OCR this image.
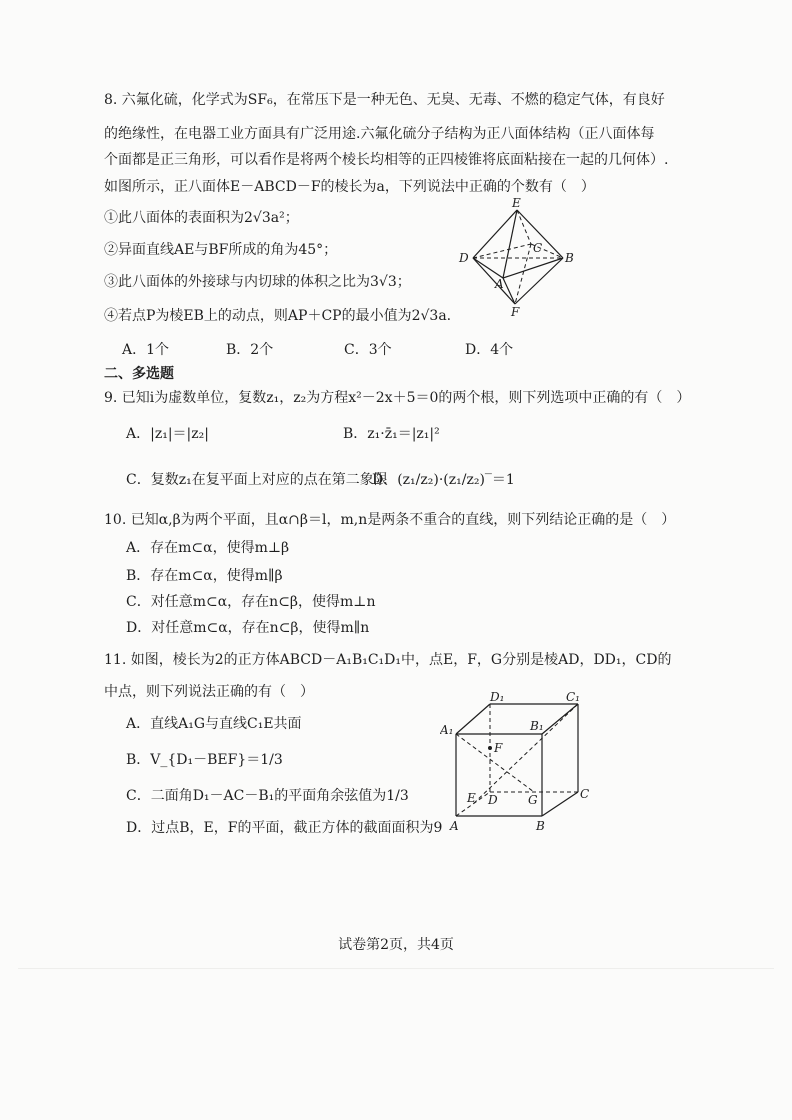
8. 六氟化硫，化学式为SF₆，在常压下是一种无色、无臭、无毒、不燃的稳定气体，有良好
的绝缘性，在电器工业方面具有广泛用途.六氟化硫分子结构为正八面体结构（正八面体每
个面都是正三角形，可以看作是将两个棱长均相等的正四棱锥将底面粘接在一起的几何体）.
如图所示，正八面体E－ABCD－F的棱长为a，下列说法中正确的个数有（　）
①此八面体的表面积为2√3a²；
②异面直线AE与BF所成的角为45°；
③此八面体的外接球与内切球的体积之比为3√3；
④若点P为棱EB上的动点，则AP＋CP的最小值为2√3a.
A．1个	B．2个	C．3个	D．4个
E
D
C
B
A
F
二、多选题
9. 已知i为虚数单位，复数z₁，z₂为方程x²－2x＋5＝0的两个根，则下列选项中正确的有（　）
A．|z₁|＝|z₂|	B．z₁·z̄₁＝|z₁|²
C．复数z₁在复平面上对应的点在第二象限
D．(z₁/z₂)·(z₁/z₂)‾＝1
10. 已知α,β为两个平面，且α∩β＝l，m,n是两条不重合的直线，则下列结论正确的是（　）
A．存在m⊂α，使得m⊥β
B．存在m⊂α，使得m∥β
C．对任意m⊂α，存在n⊂β，使得m⊥n
D．对任意m⊂α，存在n⊂β，使得m∥n
11. 如图，棱长为2的正方体ABCD－A₁B₁C₁D₁中，点E，F，G分别是棱AD，DD₁，CD的
中点，则下列说法正确的有（　）
A．直线A₁G与直线C₁E共面
B．V_{D₁－BEF}＝1/3
C．二面角D₁－AC－B₁的平面角余弦值为1/3
D．过点B，E，F的平面，截正方体的截面面积为9
D₁	C₁
A₁	B₁
F
E D	G	C
A	B
试卷第2页，共4页
